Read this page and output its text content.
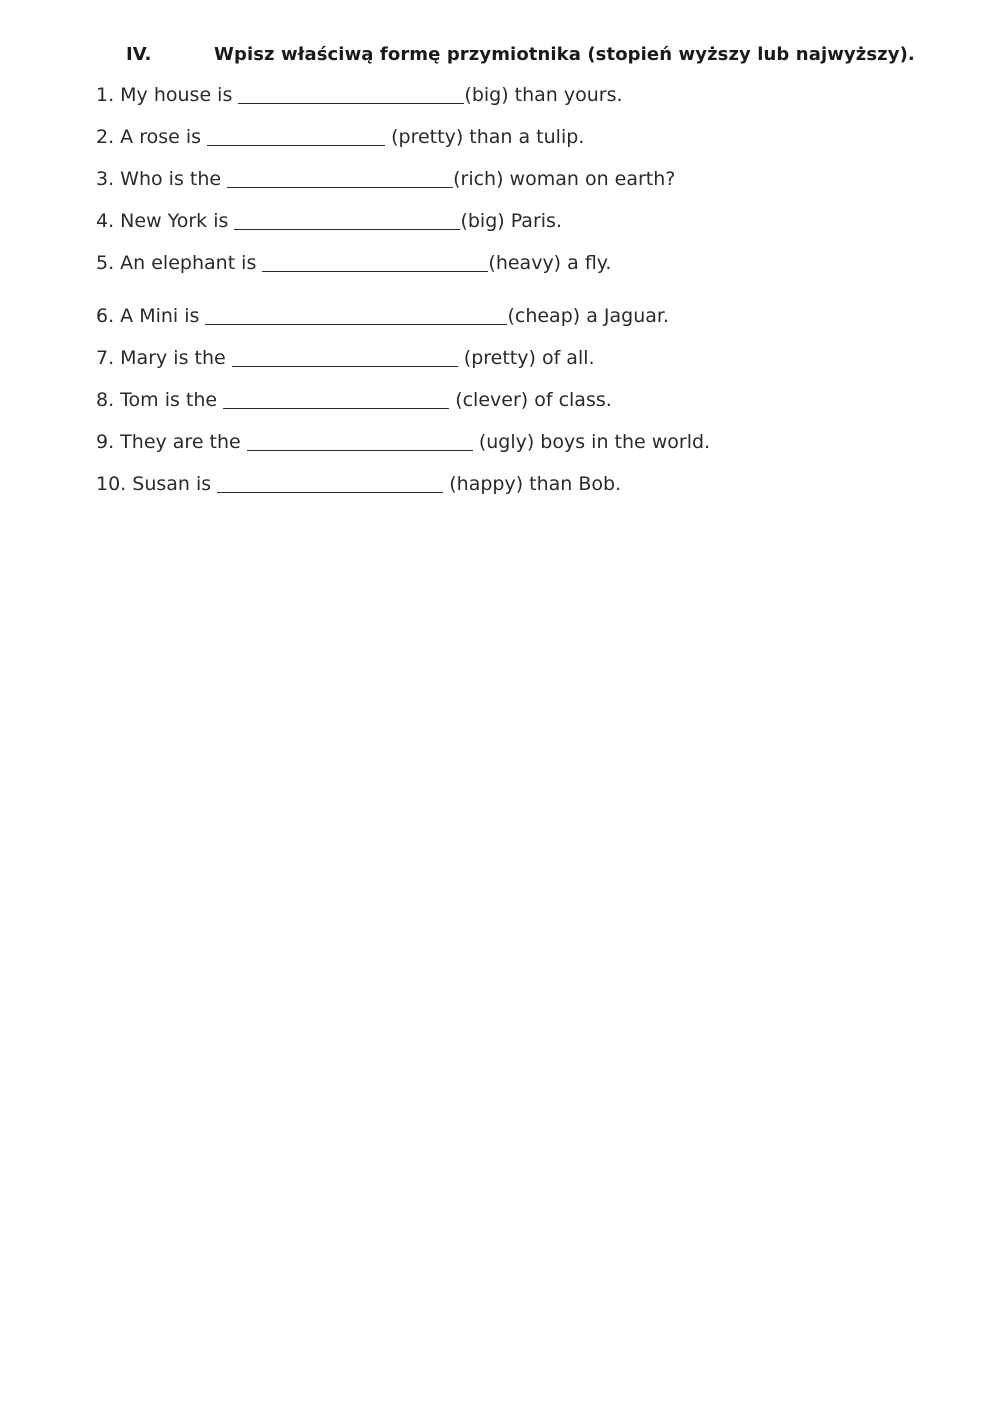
IV.	Wpisz właściwą formę przymiotnika (stopień wyższy lub najwyższy).
1. My house is	(big) than yours.
2. A rose is	(pretty) than a tulip.
3. Who is the	(rich) woman on earth?
4. New York is	(big) Paris.
5. An elephant is	(heavy) a fly.
6. A Mini is	(cheap) a Jaguar.
7. Mary is the	(pretty) of all.
8. Tom is the	(clever) of class.
9. They are the	(ugly) boys in the world.
10. Susan is	(happy) than Bob.
